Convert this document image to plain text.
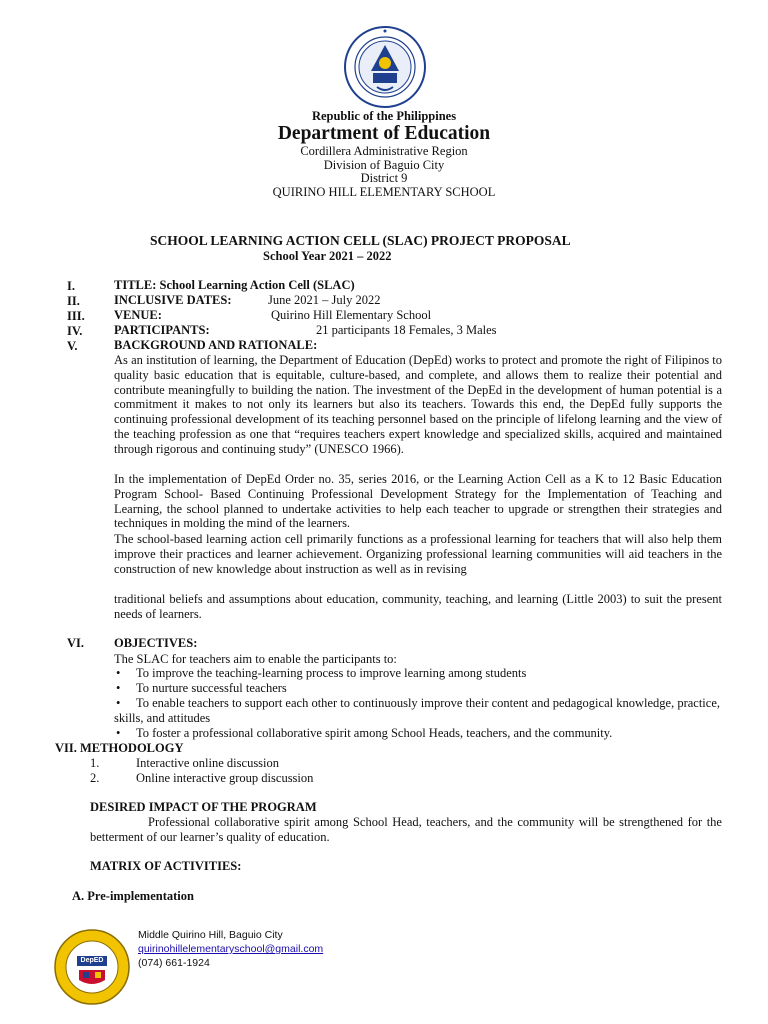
Republic of the Philippines
Department of Education
Cordillera Administrative Region
Division of Baguio City
District 9
QUIRINO HILL ELEMENTARY SCHOOL
SCHOOL LEARNING ACTION CELL (SLAC) PROJECT PROPOSAL
School Year 2021 – 2022
I.	TITLE: School Learning Action Cell (SLAC)
II.	INCLUSIVE DATES:	June 2021 – July 2022
III. VENUE:	Quirino Hill Elementary School
IV.	PARTICIPANTS:	21 participants 18 Females, 3 Males
V.	BACKGROUND AND RATIONALE:
As an institution of learning, the Department of Education (DepEd) works to protect and promote the right of Filipinos to quality basic education that is equitable, culture-based, and complete, and allows them to realize their potential and contribute meaningfully to building the nation. The investment of the DepEd in the development of human potential is a commitment it makes to not only its learners but also its teachers. Towards this end, the DepEd fully supports the continuing professional development of its teaching personnel based on the principle of lifelong learning and the view of the teaching profession as one that “requires teachers expert knowledge and specialized skills, acquired and maintained through rigorous and continuing study” (UNESCO 1966).
In the implementation of DepEd Order no. 35, series 2016, or the Learning Action Cell as a K to 12 Basic Education Program School- Based Continuing Professional Development Strategy for the Implementation of Teaching and Learning, the school planned to undertake activities to help each teacher to upgrade or strengthen their strategies and techniques in molding the mind of the learners.
The school-based learning action cell primarily functions as a professional learning for teachers that will also help them improve their practices and learner achievement. Organizing professional learning communities will aid teachers in the construction of new knowledge about instruction as well as in revising
traditional beliefs and assumptions about education, community, teaching, and learning (Little 2003) to suit the present needs of learners.
VI. OBJECTIVES:
The SLAC for teachers aim to enable the participants to:
• To improve the teaching-learning process to improve learning among students
• To nurture successful teachers
•	To enable teachers to support each other to continuously improve their content and pedagogical knowledge, practice, skills, and attitudes
• To foster a professional collaborative spirit among School Heads, teachers, and the community.
VII. METHODOLOGY
1.	Interactive online discussion
2.	Online interactive group discussion
DESIRED IMPACT OF THE PROGRAM
Professional collaborative spirit among School Head, teachers, and the community will be strengthened for the betterment of our learner’s quality of education.
MATRIX OF ACTIVITIES:
A. Pre-implementation
DepED
Middle Quirino Hill, Baguio City
quirinohillelementaryschool@gmail.com
(074) 661-1924
